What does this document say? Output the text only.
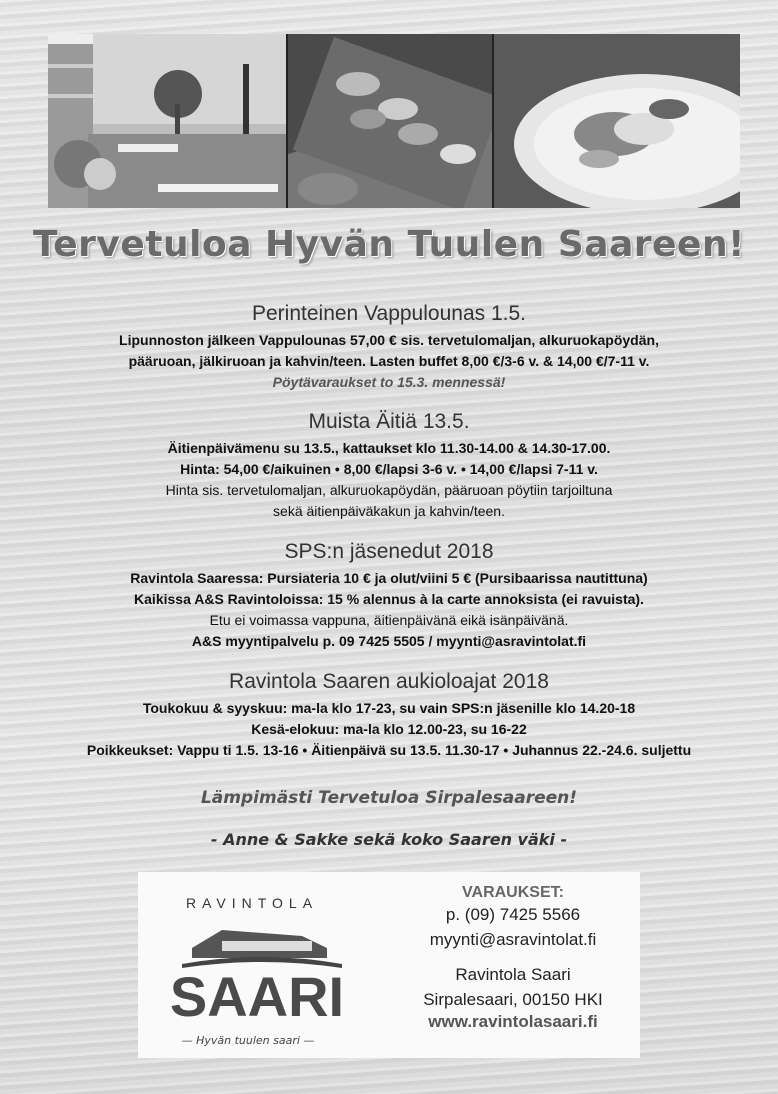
Tervetuloa Hyvän Tuulen Saareen!
Perinteinen Vappulounas 1.5.

Lipunnoston jälkeen Vappulounas 57,00 € sis. tervetulomaljan, alkuruokapöydän,

pääruoan, jälkiruoan ja kahvin/teen. Lasten buffet 8,00 €/3-6 v. & 14,00 €/7-11 v.

Pöytävaraukset to 15.3. mennessä!

Muista Äitiä 13.5.

Äitienpäivämenu su 13.5., kattaukset klo 11.30-14.00 & 14.30-17.00.

Hinta: 54,00 €/aikuinen • 8,00 €/lapsi 3-6 v. • 14,00 €/lapsi 7-11 v.

Hinta sis. tervetulomaljan, alkuruokapöydän, pääruoan pöytiin tarjoiltuna

sekä äitienpäiväkakun ja kahvin/teen.

SPS:n jäsenedut 2018

Ravintola Saaressa: Pursiateria 10 € ja olut/viini 5 € (Pursibaarissa nautittuna)

Kaikissa A&S Ravintoloissa: 15 % alennus à la carte annoksista (ei ravuista).

Etu ei voimassa vappuna, äitienpäivänä eikä isänpäivänä.

A&S myyntipalvelu p. 09 7425 5505 / myynti@asravintolat.fi

Ravintola Saaren aukioloajat 2018

Toukokuu & syyskuu: ma-la klo 17-23, su vain SPS:n jäsenille klo 14.20-18

Kesä-elokuu: ma-la klo 12.00-23, su 16-22

Poikkeukset: Vappu ti 1.5. 13-16 • Äitienpäivä su 13.5. 11.30-17 • Juhannus 22.-24.6. suljettu

Lämpimästi Tervetuloa Sirpalesaareen!
- Anne & Sakke sekä koko Saaren väki -
RAVINTOLA
SAARI
— Hyvän tuulen saari —
VARAUKSET:
p. (09) 7425 5566
myynti@asravintolat.fi
Ravintola Saari
Sirpalesaari, 00150 HKI
www.ravintolasaari.fi
